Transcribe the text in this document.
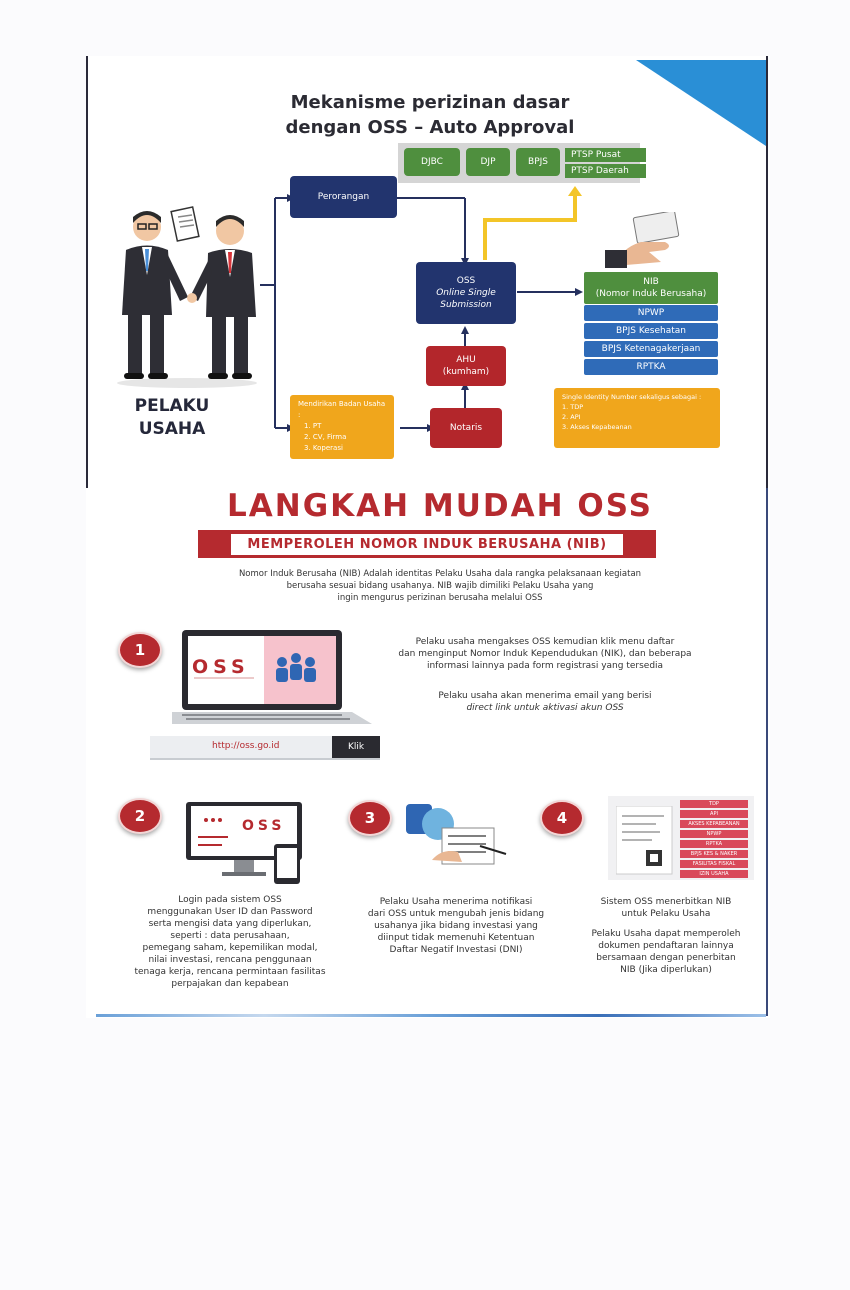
Mekanisme perizinan dasar
dengan OSS – Auto Approval
DJBC	DJP	BPJS
PTSP Pusat
PTSP Daerah
PELAKU
USAHA
Perorangan
OSS
Online Single
Submission
AHU
(kumham)
Notaris
Mendirikan Badan Usaha :
1. PT
2. CV, Firma
3. Koperasi
NIB
(Nomor Induk Berusaha)
NPWP
BPJS Kesehatan
BPJS Ketenagakerjaan
RPTKA
Single Identity Number sekaligus sebagai :
1. TDP
2. API
3. Akses Kepabeanan
LANGKAH MUDAH OSS
MEMPEROLEH NOMOR INDUK BERUSAHA (NIB)
Nomor Induk Berusaha (NIB) Adalah identitas Pelaku Usaha dala rangka pelaksanaan kegiatan
berusaha sesuai bidang usahanya. NIB wajib dimiliki Pelaku Usaha yang
ingin mengurus perizinan berusaha melalui OSS
1
OSS
http://oss.go.id	Klik
Pelaku usaha mengakses OSS kemudian klik menu daftar
dan menginput Nomor Induk Kependudukan (NIK), dan beberapa
informasi lainnya pada form registrasi yang tersedia
Pelaku usaha akan menerima email yang berisi
direct link untuk aktivasi akun OSS
2
OSS
Login pada sistem OSS
menggunakan User ID dan Password
serta mengisi data yang diperlukan,
seperti : data perusahaan,
pemegang saham, kepemilikan modal,
nilai investasi, rencana penggunaan
tenaga kerja, rencana permintaan fasilitas
perpajakan dan kepabean
3
Pelaku Usaha menerima notifikasi
dari OSS untuk mengubah jenis bidang
usahanya jika bidang investasi yang
diinput tidak memenuhi Ketentuan
Daftar Negatif Investasi (DNI)
4
TDP
API
AKSES KEPABEANAN
NPWP
RPTKA
BPJS KES & NAKER
FASILITAS FISKAL
IZIN USAHA
Sistem OSS menerbitkan NIB
untuk Pelaku Usaha
Pelaku Usaha dapat memperoleh
dokumen pendaftaran lainnya
bersamaan dengan penerbitan
NIB (Jika diperlukan)
